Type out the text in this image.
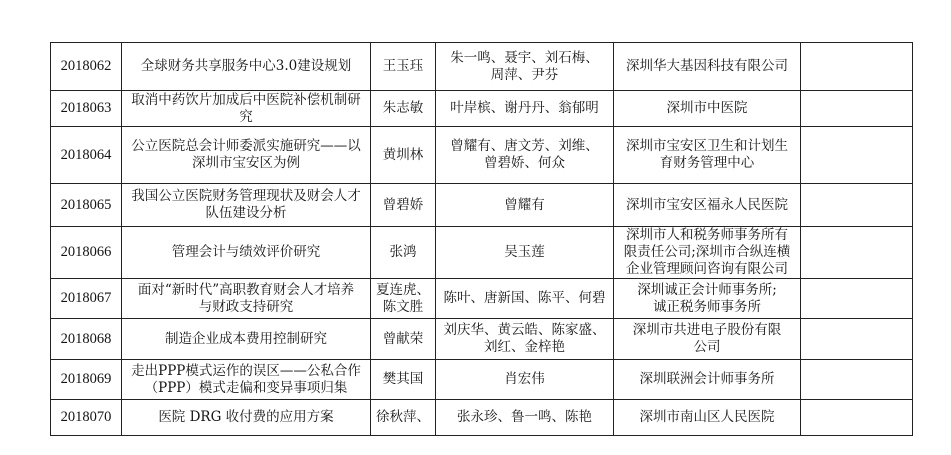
2018062	全球财务共享服务中心3.0建设规划	王玉珏	朱一鸣、聂宇、刘石梅、
周萍、尹芬	深圳华大基因科技有限公司	
2018063	取消中药饮片加成后中医院补偿机制研
究	朱志敏	叶岸槟、谢丹丹、翁郁明	深圳市中医院	
2018064	公立医院总会计师委派实施研究——以
深圳市宝安区为例	黄圳林	曾耀有、唐文芳、刘维、
曾碧娇、何众	深圳市宝安区卫生和计划生
育财务管理中心	

2018065	我国公立医院财务管理现状及财会人才
队伍建设分析	曾碧娇	曾耀有	深圳市宝安区福永人民医院	
2018066	管理会计与绩效评价研究	张鸿	吴玉莲	深圳市人和税务师事务所有
限责任公司;深圳市合纵连横
企业管理顾问咨询有限公司	

2018067	面对“新时代”高职教育财会人才培养
与财政支持研究	夏连虎、
陈文胜	陈叶、唐新国、陈平、何碧	深圳诚正会计师事务所;
诚正税务师事务所	

2018068	制造企业成本费用控制研究	曾献荣	刘庆华、黄云皓、陈家盛、
刘红、金梓艳	深圳市共进电子股份有限
公司	

2018069	走出PPP模式运作的误区——公私合作
（PPP）模式走偏和变异事项归集	樊其国	肖宏伟	深圳联洲会计师事务所	
2018070	医院 DRG 收付费的应用方案	徐秋萍、	张永珍、鲁一鸣、陈艳	深圳市南山区人民医院	
